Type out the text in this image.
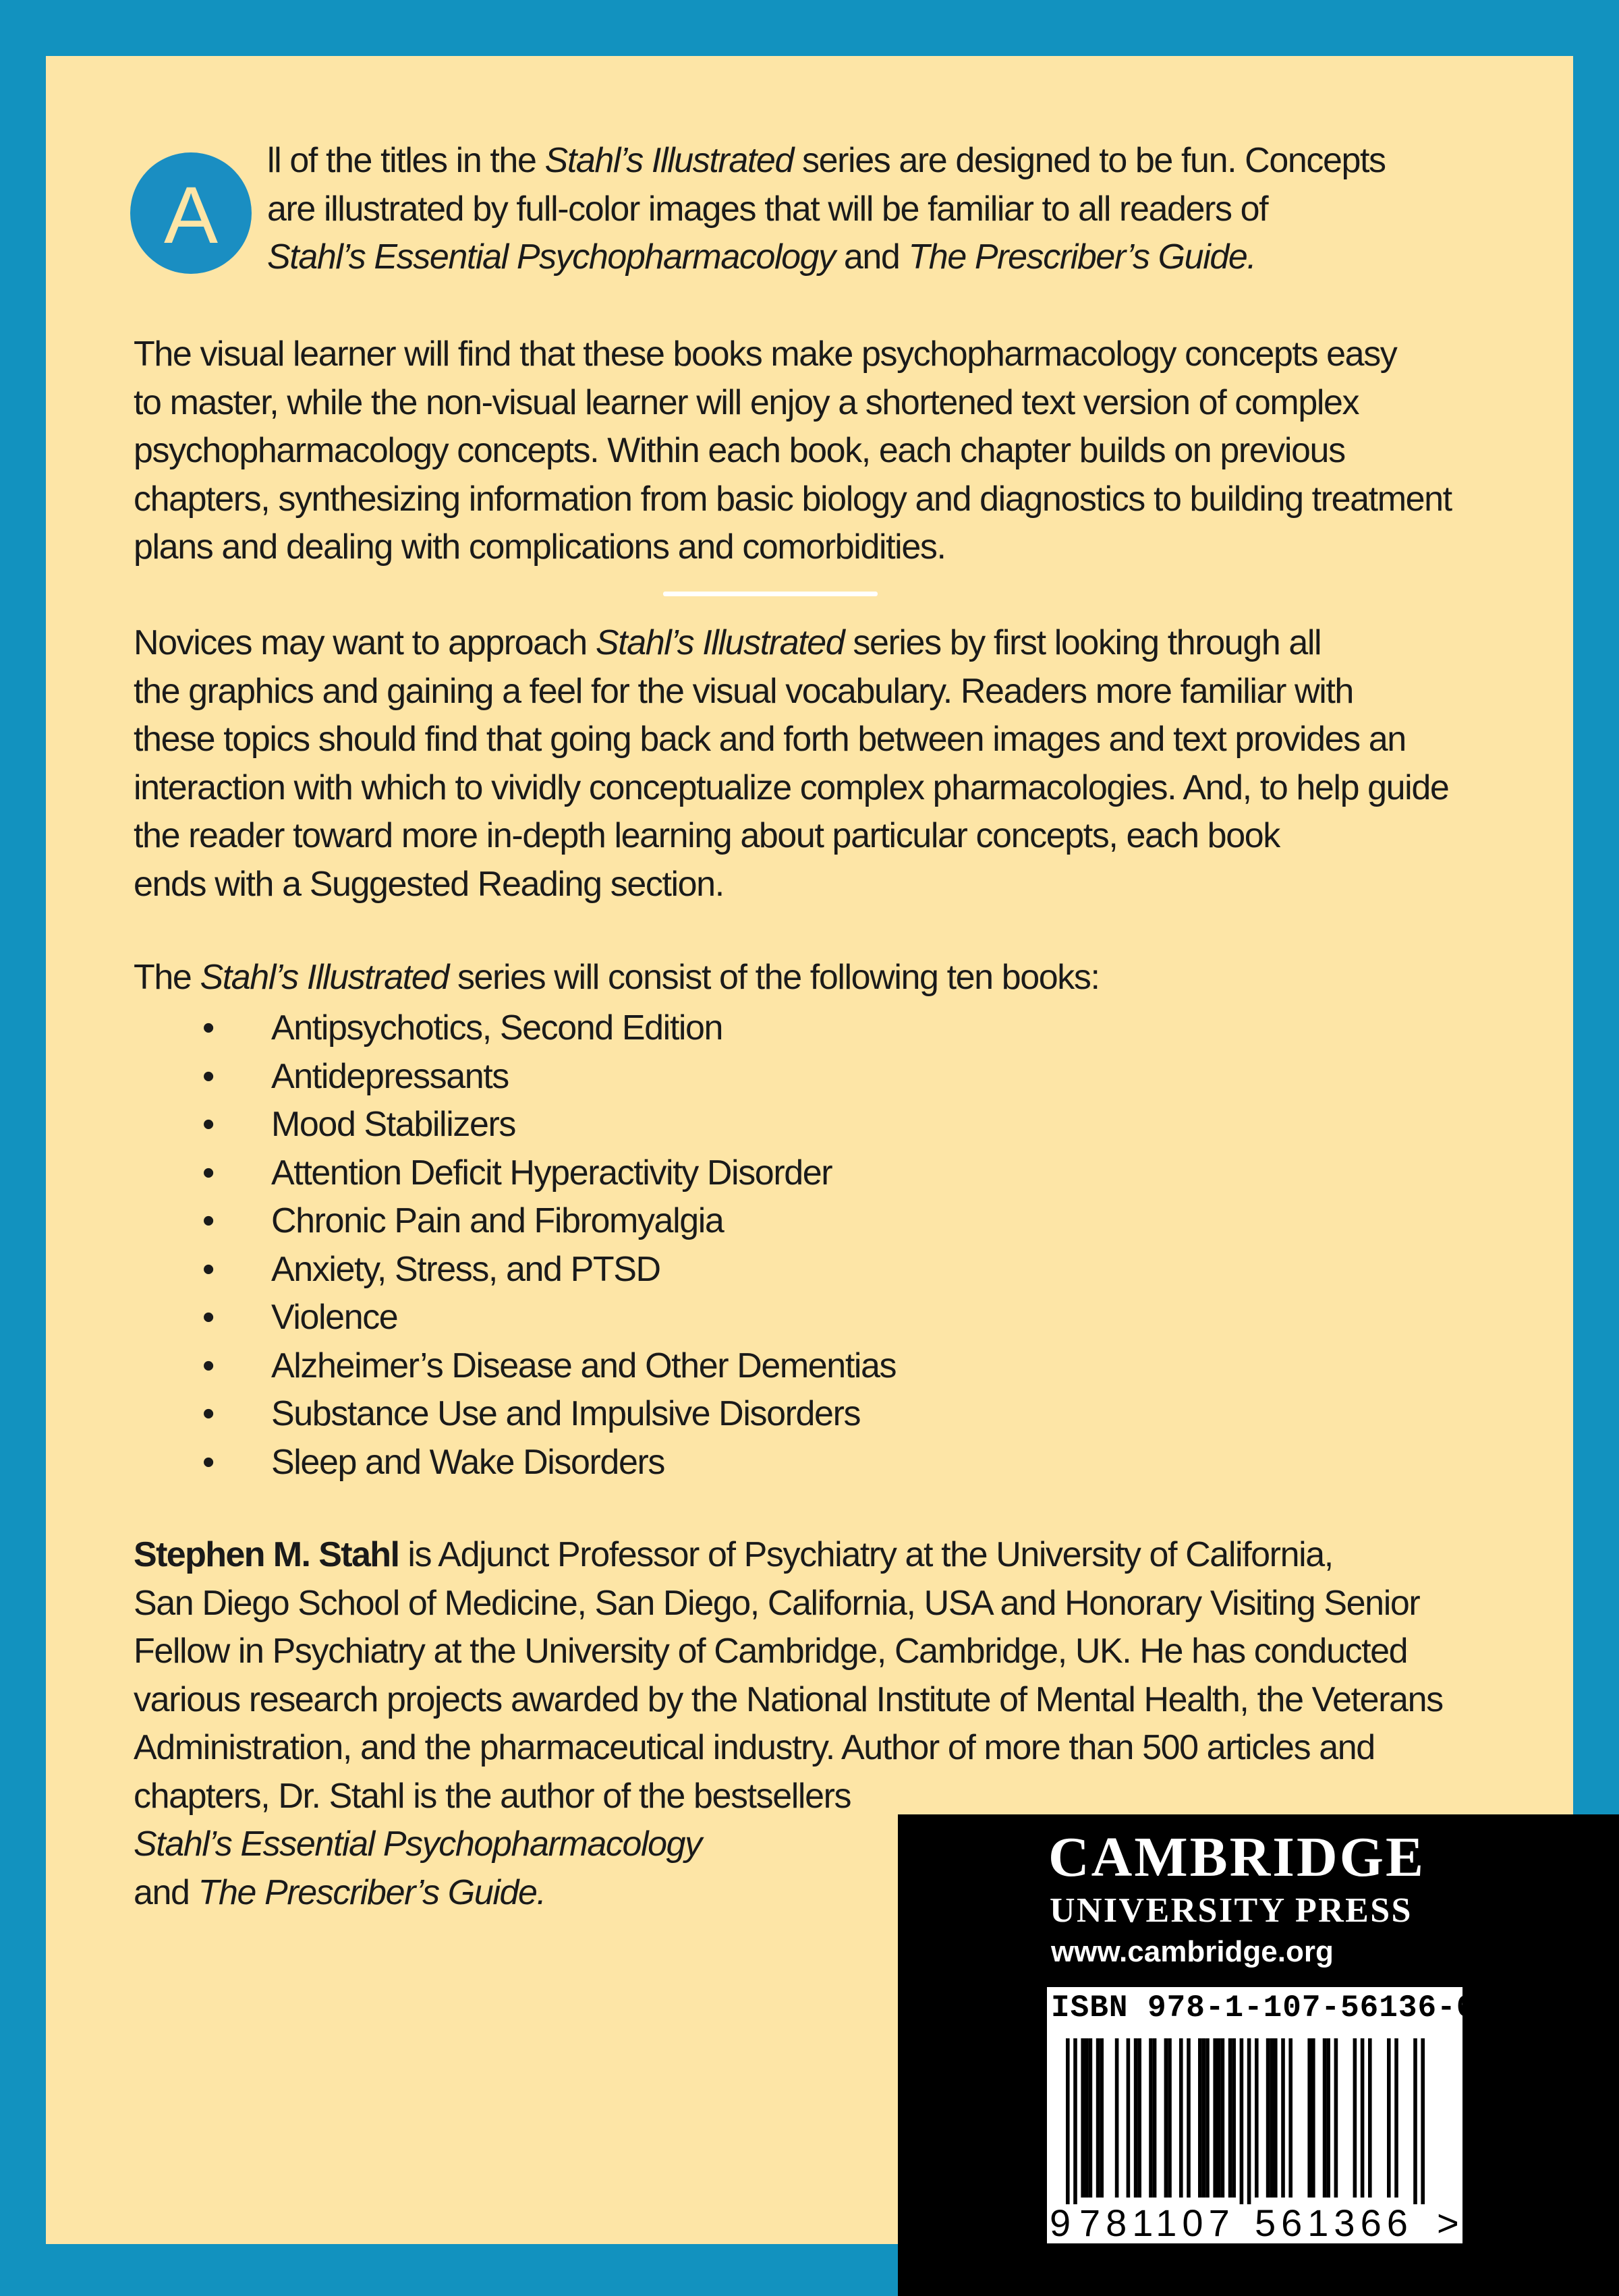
A
ll of the titles in the Stahl’s Illustrated series are designed to be fun. Concepts
are illustrated by full-color images that will be familiar to all readers of
Stahl’s Essential Psychopharmacology and The Prescriber’s Guide.
The visual learner will find that these books make psychopharmacology concepts easy
to master, while the non-visual learner will enjoy a shortened text version of complex
psychopharmacology concepts. Within each book, each chapter builds on previous
chapters, synthesizing information from basic biology and diagnostics to building treatment
plans and dealing with complications and comorbidities.
Novices may want to approach Stahl’s Illustrated series by first looking through all
the graphics and gaining a feel for the visual vocabulary. Readers more familiar with
these topics should find that going back and forth between images and text provides an
interaction with which to vividly conceptualize complex pharmacologies. And, to help guide
the reader toward more in-depth learning about particular concepts, each book
ends with a Suggested Reading section.
The Stahl’s Illustrated series will consist of the following ten books:
• Antipsychotics, Second Edition
• Antidepressants
• Mood Stabilizers
• Attention Deficit Hyperactivity Disorder
• Chronic Pain and Fibromyalgia
• Anxiety, Stress, and PTSD
• Violence
• Alzheimer’s Disease and Other Dementias
• Substance Use and Impulsive Disorders
• Sleep and Wake Disorders
Stephen M. Stahl is Adjunct Professor of Psychiatry at the University of California,
San Diego School of Medicine, San Diego, California, USA and Honorary Visiting Senior
Fellow in Psychiatry at the University of Cambridge, Cambridge, UK. He has conducted
various research projects awarded by the National Institute of Mental Health, the Veterans
Administration, and the pharmaceutical industry. Author of more than 500 articles and
chapters, Dr. Stahl is the author of the bestsellers
Stahl’s Essential Psychopharmacology
and The Prescriber’s Guide.
CAMBRIDGE
UNIVERSITY PRESS
www.cambridge.org
ISBN 978-1-107-56136-6
9 781107 561366 >
